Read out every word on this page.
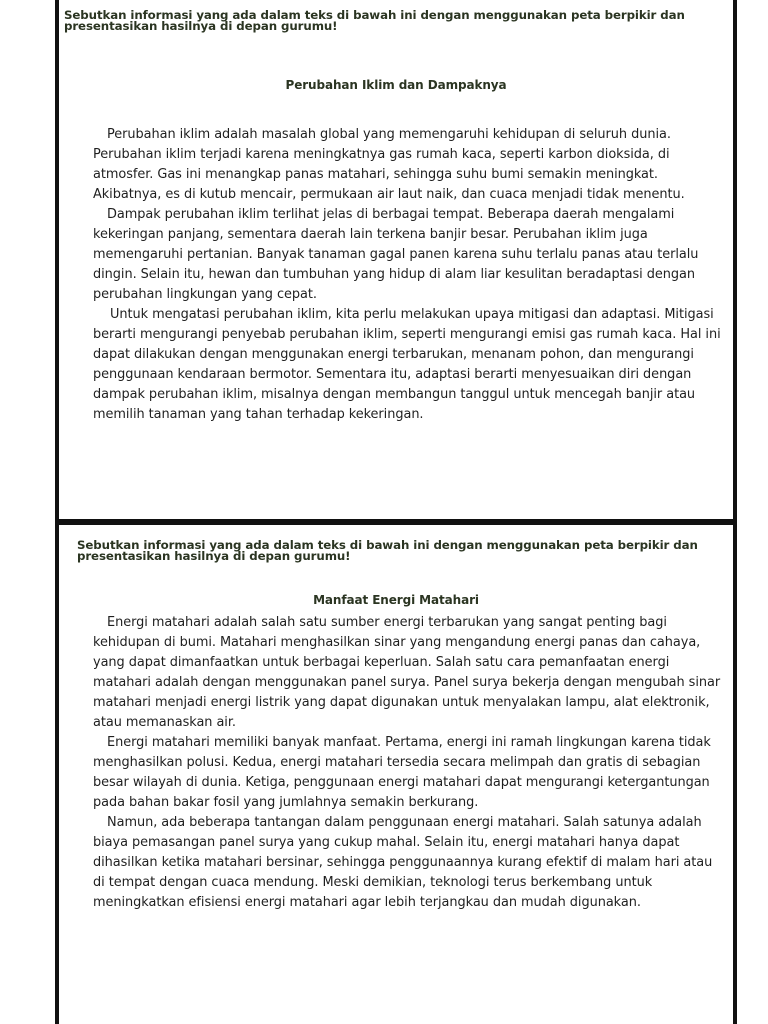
Sebutkan informasi yang ada dalam teks di bawah ini dengan menggunakan peta berpikir dan presentasikan hasilnya di depan gurumu!

Perubahan Iklim dan Dampaknya

Perubahan iklim adalah masalah global yang memengaruhi kehidupan di seluruh dunia. Perubahan iklim terjadi karena meningkatnya gas rumah kaca, seperti karbon dioksida, di atmosfer. Gas ini menangkap panas matahari, sehingga suhu bumi semakin meningkat. Akibatnya, es di kutub mencair, permukaan air laut naik, dan cuaca menjadi tidak menentu.

Dampak perubahan iklim terlihat jelas di berbagai tempat. Beberapa daerah mengalami kekeringan panjang, sementara daerah lain terkena banjir besar. Perubahan iklim juga memengaruhi pertanian. Banyak tanaman gagal panen karena suhu terlalu panas atau terlalu dingin. Selain itu, hewan dan tumbuhan yang hidup di alam liar kesulitan beradaptasi dengan perubahan lingkungan yang cepat.

Untuk mengatasi perubahan iklim, kita perlu melakukan upaya mitigasi dan adaptasi. Mitigasi berarti mengurangi penyebab perubahan iklim, seperti mengurangi emisi gas rumah kaca. Hal ini dapat dilakukan dengan menggunakan energi terbarukan, menanam pohon, dan mengurangi penggunaan kendaraan bermotor. Sementara itu, adaptasi berarti menyesuaikan diri dengan dampak perubahan iklim, misalnya dengan membangun tanggul untuk mencegah banjir atau memilih tanaman yang tahan terhadap kekeringan.

Sebutkan informasi yang ada dalam teks di bawah ini dengan menggunakan peta berpikir dan presentasikan hasilnya di depan gurumu!

Manfaat Energi Matahari

Energi matahari adalah salah satu sumber energi terbarukan yang sangat penting bagi kehidupan di bumi. Matahari menghasilkan sinar yang mengandung energi panas dan cahaya, yang dapat dimanfaatkan untuk berbagai keperluan. Salah satu cara pemanfaatan energi matahari adalah dengan menggunakan panel surya. Panel surya bekerja dengan mengubah sinar matahari menjadi energi listrik yang dapat digunakan untuk menyalakan lampu, alat elektronik, atau memanaskan air.

Energi matahari memiliki banyak manfaat. Pertama, energi ini ramah lingkungan karena tidak menghasilkan polusi. Kedua, energi matahari tersedia secara melimpah dan gratis di sebagian besar wilayah di dunia. Ketiga, penggunaan energi matahari dapat mengurangi ketergantungan pada bahan bakar fosil yang jumlahnya semakin berkurang.

Namun, ada beberapa tantangan dalam penggunaan energi matahari. Salah satunya adalah biaya pemasangan panel surya yang cukup mahal. Selain itu, energi matahari hanya dapat dihasilkan ketika matahari bersinar, sehingga penggunaannya kurang efektif di malam hari atau di tempat dengan cuaca mendung. Meski demikian, teknologi terus berkembang untuk meningkatkan efisiensi energi matahari agar lebih terjangkau dan mudah digunakan.
